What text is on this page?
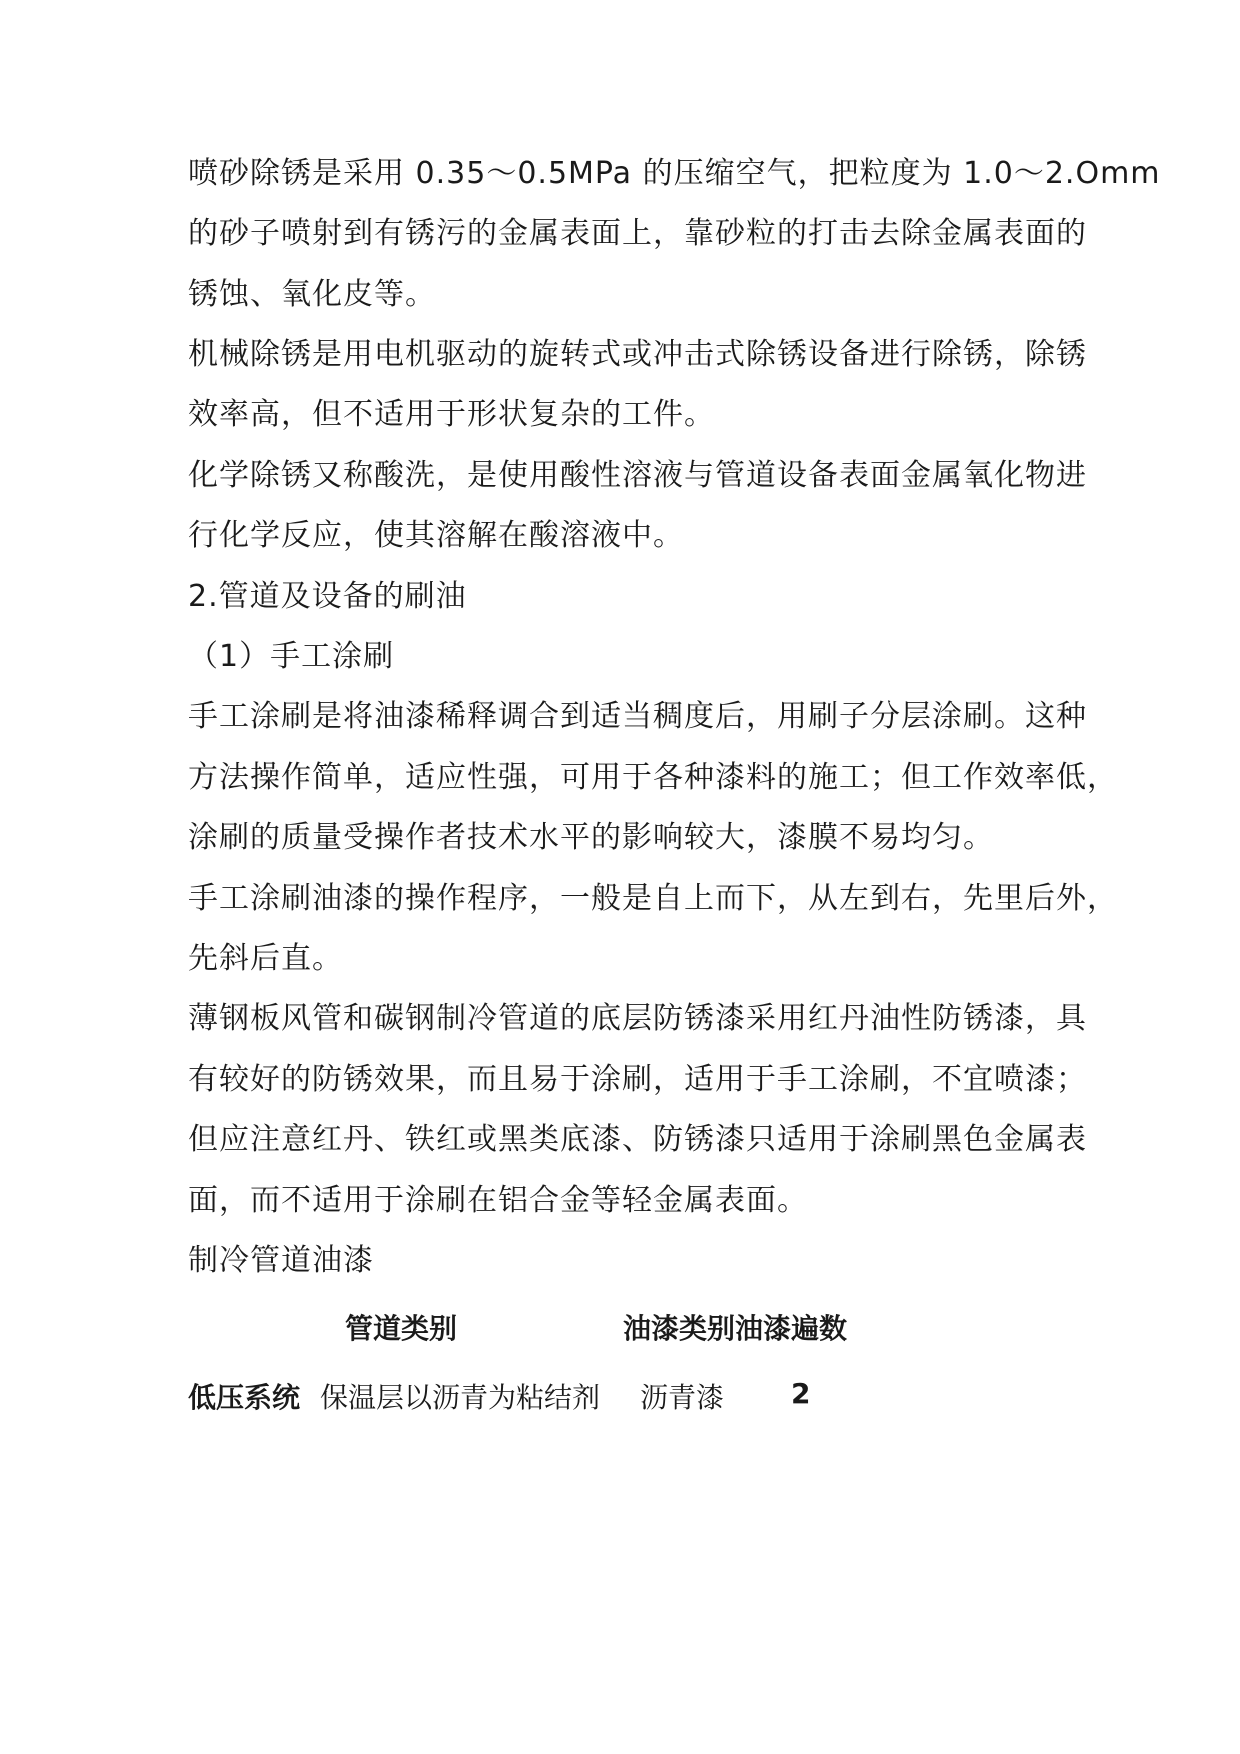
喷砂除锈是采用 0.35～0.5MPa 的压缩空气，把粒度为 1.0～2.Omm
的砂子喷射到有锈污的金属表面上，靠砂粒的打击去除金属表面的
锈蚀、氧化皮等。
机械除锈是用电机驱动的旋转式或冲击式除锈设备进行除锈，除锈
效率高，但不适用于形状复杂的工件。
化学除锈又称酸洗，是使用酸性溶液与管道设备表面金属氧化物进
行化学反应，使其溶解在酸溶液中。
2.管道及设备的刷油
（1）手工涂刷
手工涂刷是将油漆稀释调合到适当稠度后，用刷子分层涂刷。这种
方法操作简单，适应性强，可用于各种漆料的施工；但工作效率低，
涂刷的质量受操作者技术水平的影响较大，漆膜不易均匀。
手工涂刷油漆的操作程序，一般是自上而下，从左到右，先里后外，
先斜后直。
薄钢板风管和碳钢制冷管道的底层防锈漆采用红丹油性防锈漆，具
有较好的防锈效果，而且易于涂刷，适用于手工涂刷，不宜喷漆；
但应注意红丹、铁红或黑类底漆、防锈漆只适用于涂刷黑色金属表
面，而不适用于涂刷在铝合金等轻金属表面。
制冷管道油漆
管道类别	油漆类别油漆遍数
低压系统 保温层以沥青为粘结剂 沥青漆 2
